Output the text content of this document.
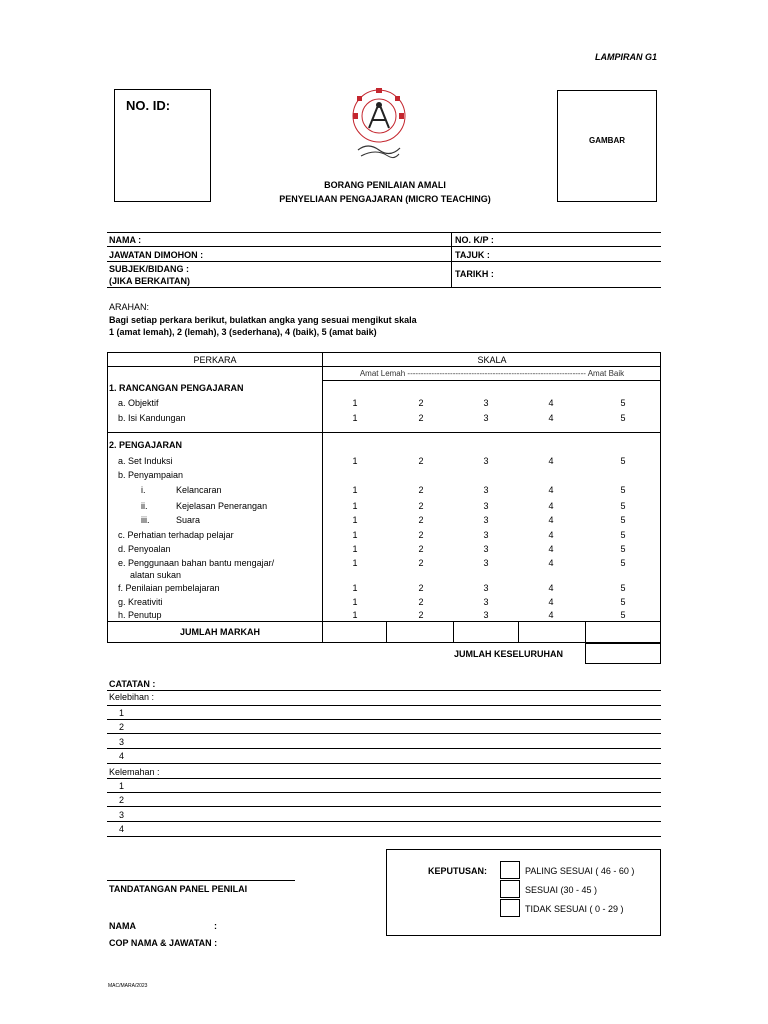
LAMPIRAN G1
NO. ID:
GAMBAR
BORANG PENILAIAN AMALI
PENYELIAAN PENGAJARAN (MICRO TEACHING)
NAMA :	NO. K/P :
JAWATAN DIMOHON :	TAJUK :
SUBJEK/BIDANG :
(JIKA BERKAITAN)
TARIKH :
ARAHAN:
Bagi setiap perkara berikut, bulatkan angka yang sesuai mengikut skala
1 (amat lemah), 2 (lemah), 3 (sederhana), 4 (baik), 5 (amat baik)
PERKARA	SKALA
Amat Lemah ------------------------------------------------------------------- Amat Baik
1. RANCANGAN PENGAJARAN
a. Objektif	1	2	3	4	5
b. Isi Kandungan	1	2	3	4	5
2. PENGAJARAN
a. Set Induksi	1	2	3	4	5
b. Penyampaian
i.	Kelancaran	1	2	3	4	5
ii.	Kejelasan Penerangan	1	2	3	4	5
iii.	Suara	1	2	3	4	5
c. Perhatian terhadap pelajar	1	2	3	4	5
d. Penyoalan	1	2	3	4	5
e. Penggunaan bahan bantu mengajar/	1	2	3	4	5
alatan sukan
f. Penilaian pembelajaran	1	2	3	4	5
g. Kreativiti	1	2	3	4	5
h. Penutup	1	2	3	4	5
JUMLAH MARKAH
JUMLAH KESELURUHAN
CATATAN :
Kelebihan :
Kelemahan :
1
2
3
4
1
2
3
4
TANDATANGAN PANEL PENILAI
NAMA	:
COP NAMA & JAWATAN :
KEPUTUSAN:	PALING SESUAI ( 46 - 60 )
SESUAI (30 - 45 )
TIDAK SESUAI ( 0 - 29 )
MAC/MARA/2023
